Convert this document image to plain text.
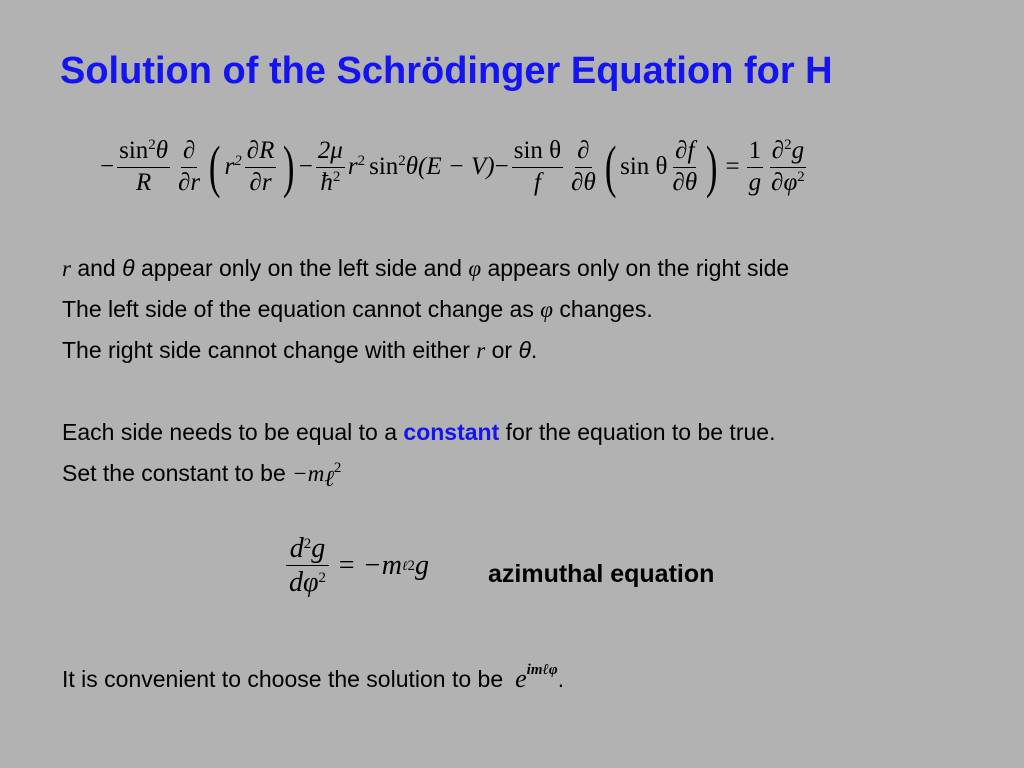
Solution of the Schrödinger Equation for H
− $\frac{\sin^2\theta}{R} \frac{\partial}{\partial r}$ ( $r^2 \frac{\partial R}{\partial r}$ ) − $\frac{2\mu}{ħ^2} r^2$ $\sin^2 \theta(E - V) - \frac{\text{sin θ}}{f} \frac{\partial}{\partial\theta}$ ( sin θ $\frac{\partial f}{\partial\theta}$ ) = $\frac{1}{g} \frac{\partial^2g}{\partial\varphi^2}$
r and θ appear only on the left side and φ appears only on the right side
The left side of the equation cannot change as φ changes.
The right side cannot change with either r or θ.
Each side needs to be equal to a constant for the equation to be true.
Set the constant to be $-m_\ell^2$
$\frac{d^2g}{d\varphi^2} = -m$ ℓ 2 g azimuthal equation
It is convenient to choose the solution to be $e^{im\ell\varphi}$.
